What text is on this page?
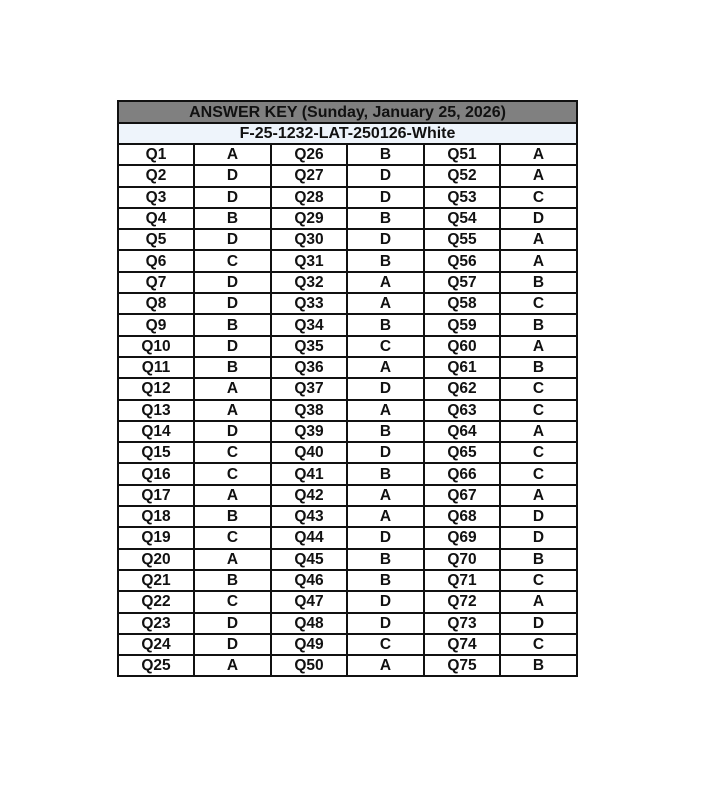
ANSWER KEY (Sunday, January 25, 2026)					
F-25-1232-LAT-250126-White					
Q1	A	Q26	B	Q51	A
Q2	D	Q27	D	Q52	A
Q3	D	Q28	D	Q53	C
Q4	B	Q29	B	Q54	D
Q5	D	Q30	D	Q55	A
Q6	C	Q31	B	Q56	A
Q7	D	Q32	A	Q57	B
Q8	D	Q33	A	Q58	C
Q9	B	Q34	B	Q59	B
Q10	D	Q35	C	Q60	A
Q11	B	Q36	A	Q61	B
Q12	A	Q37	D	Q62	C
Q13	A	Q38	A	Q63	C
Q14	D	Q39	B	Q64	A
Q15	C	Q40	D	Q65	C
Q16	C	Q41	B	Q66	C
Q17	A	Q42	A	Q67	A
Q18	B	Q43	A	Q68	D
Q19	C	Q44	D	Q69	D
Q20	A	Q45	B	Q70	B
Q21	B	Q46	B	Q71	C
Q22	C	Q47	D	Q72	A
Q23	D	Q48	D	Q73	D
Q24	D	Q49	C	Q74	C
Q25	A	Q50	A	Q75	B
